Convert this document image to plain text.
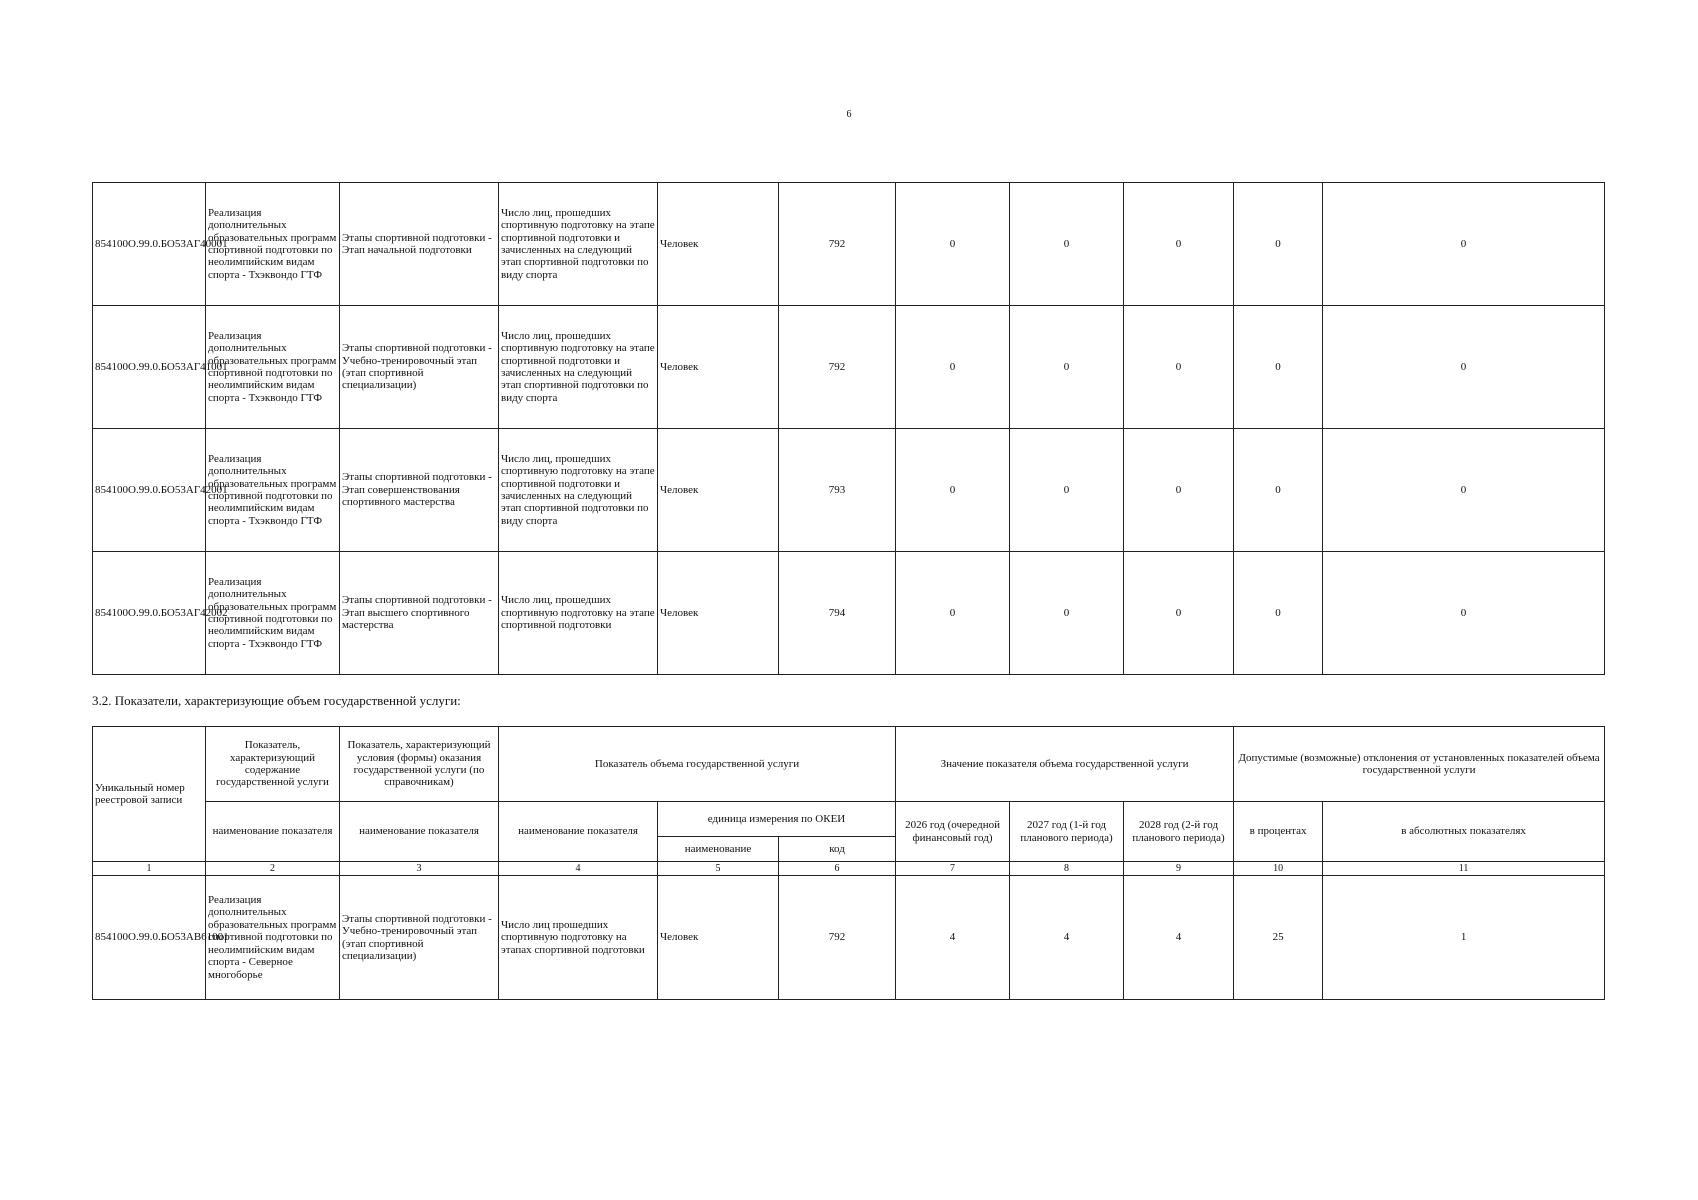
6
854100О.99.0.БО53АГ40001	Реализация дополнительных образовательных программ спортивной подготовки по неолимпийским видам спорта - Тхэквондо ГТФ	Этапы спортивной подготовки - Этап начальной подготовки	Число лиц, прошедших спортивную подготовку на этапе спортивной подготовки и зачисленных на следующий этап спортивной подготовки по виду спорта	Человек	792	0	0	0	0	0
854100О.99.0.БО53АГ41001	Реализация дополнительных образовательных программ спортивной подготовки по неолимпийским видам спорта - Тхэквондо ГТФ	Этапы спортивной подготовки - Учебно-тренировочный этап (этап спортивной специализации)	Число лиц, прошедших спортивную подготовку на этапе спортивной подготовки и зачисленных на следующий этап спортивной подготовки по виду спорта	Человек	792	0	0	0	0	0
854100О.99.0.БО53АГ42001	Реализация дополнительных образовательных программ спортивной подготовки по неолимпийским видам спорта - Тхэквондо ГТФ	Этапы спортивной подготовки - Этап совершенствования спортивного мастерства	Число лиц, прошедших спортивную подготовку на этапе спортивной подготовки и зачисленных на следующий этап спортивной подготовки по виду спорта	Человек	793	0	0	0	0	0
854100О.99.0.БО53АГ42002	Реализация дополнительных образовательных программ спортивной подготовки по неолимпийским видам спорта - Тхэквондо ГТФ	Этапы спортивной подготовки - Этап высшего спортивного мастерства	Число лиц, прошедших спортивную подготовку на этапе спортивной подготовки	Человек	794	0	0	0	0	0
3.2. Показатели, характеризующие объем государственной услуги:
Уникальный номер реестровой записи	Показатель, характеризующий содержание государственной услуги	Показатель, характеризующий условия (формы) оказания государственной услуги (по справочникам)	Показатель объема государственной услуги			Значение показателя объема государственной услуги			Допустимые (возможные) отклонения от установленных показателей объема государственной услуги	
	наименование показателя	наименование показателя	наименование показателя	единица измерения по ОКЕИ		2026 год (очередной финансовый год)	2027 год (1-й год планового периода)	2028 год (2-й год планового периода)	в процентах	в абсолютных показателях
				наименование	код					
1	2	3	4	5	6	7	8	9	10	11
854100О.99.0.БО53АВ61001	Реализация дополнительных образовательных программ спортивной подготовки по неолимпийским видам спорта - Северное многоборье	Этапы спортивной подготовки - Учебно-тренировочный этап (этап спортивной специализации)	Число лиц прошедших спортивную подготовку на этапах спортивной подготовки	Человек	792	4	4	4	25	1
